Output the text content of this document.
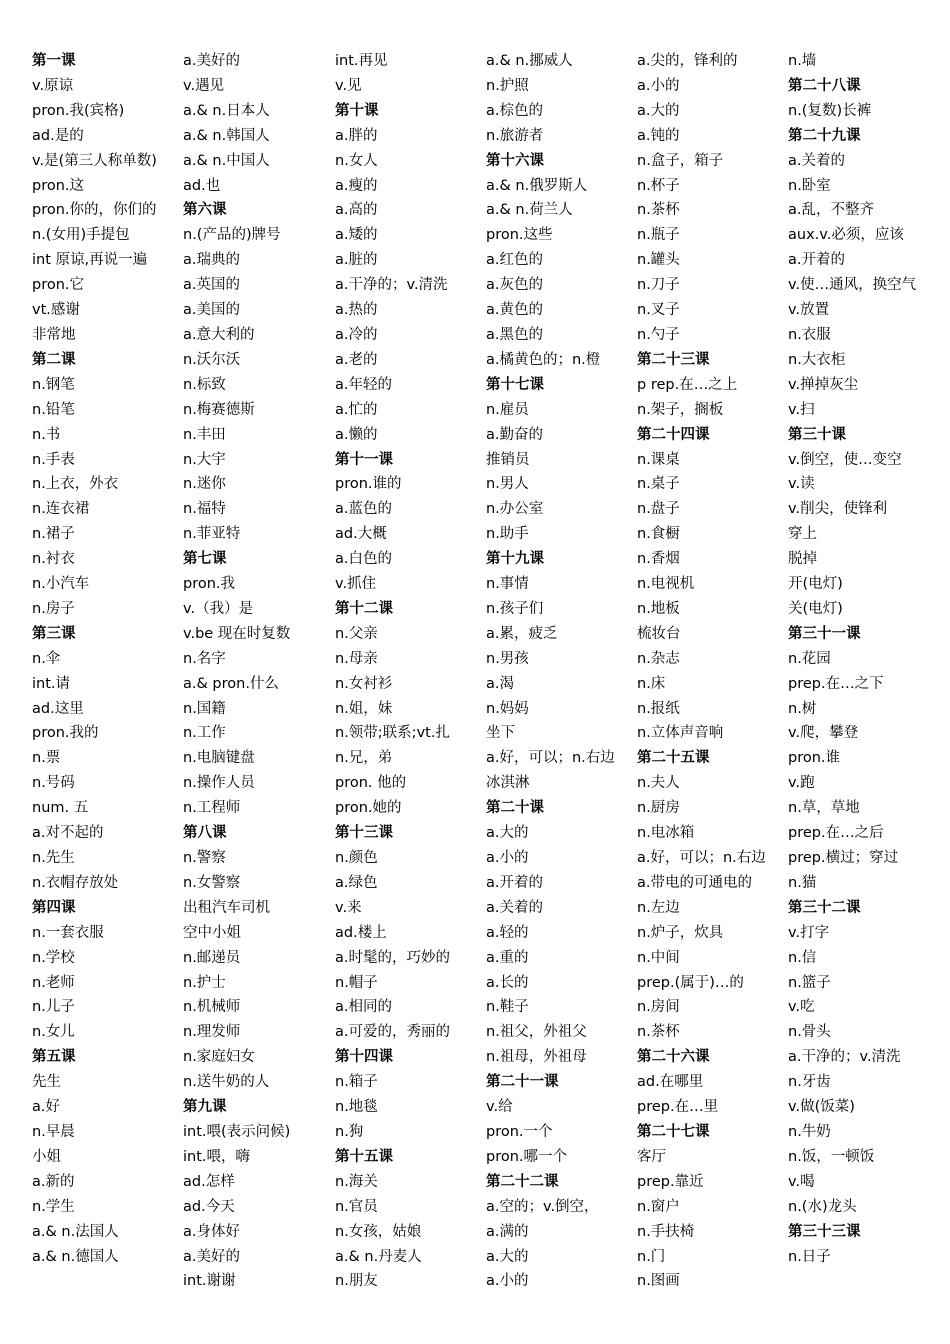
第一课
v.原谅
pron.我(宾格)
ad.是的
v.是(第三人称单数)
pron.这
pron.你的，你们的
n.(女用)手提包
int 原谅,再说一遍
pron.它
vt.感谢
非常地
第二课
n.钢笔
n.铅笔
n.书
n.手表
n.上衣，外衣
n.连衣裙
n.裙子
n.衬衣
n.小汽车
n.房子
第三课
n.伞
int.请
ad.这里
pron.我的
n.票
n.号码
num. 五
a.对不起的
n.先生
n.衣帽存放处
第四课
n.一套衣服
n.学校
n.老师
n.儿子
n.女儿
第五课
先生
a.好
n.早晨
小姐
a.新的
n.学生
a.& n.法国人
a.& n.德国人
a.美好的
v.遇见
a.& n.日本人
a.& n.韩国人
a.& n.中国人
ad.也
第六课
n.(产品的)牌号
a.瑞典的
a.英国的
a.美国的
a.意大利的
n.沃尔沃
n.标致
n.梅赛德斯
n.丰田
n.大宇
n.迷你
n.福特
n.菲亚特
第七课
pron.我
v.（我）是
v.be 现在时复数
n.名字
a.& pron.什么
n.国籍
n.工作
n.电脑键盘
n.操作人员
n.工程师
第八课
n.警察
n.女警察
出租汽车司机
空中小姐
n.邮递员
n.护士
n.机械师
n.理发师
n.家庭妇女
n.送牛奶的人
第九课
int.喂(表示问候)
int.喂，嗨
ad.怎样
ad.今天
a.身体好
a.美好的
int.谢谢
int.再见
v.见
第十课
a.胖的
n.女人
a.瘦的
a.高的
a.矮的
a.脏的
a.干净的；v.清洗
a.热的
a.冷的
a.老的
a.年轻的
a.忙的
a.懒的
第十一课
pron.谁的
a.蓝色的
ad.大概
a.白色的
v.抓住
第十二课
n.父亲
n.母亲
n.女衬衫
n.姐，妹
n.领带;联系;vt.扎
n.兄，弟
pron. 他的
pron.她的
第十三课
n.颜色
a.绿色
v.来
ad.楼上
a.时髦的，巧妙的
n.帽子
a.相同的
a.可爱的，秀丽的
第十四课
n.箱子
n.地毯
n.狗
第十五课
n.海关
n.官员
n.女孩，姑娘
a.& n.丹麦人
n.朋友
a.& n.挪威人
n.护照
a.棕色的
n.旅游者
第十六课
a.& n.俄罗斯人
a.& n.荷兰人
pron.这些
a.红色的
a.灰色的
a.黄色的
a.黑色的
a.橘黄色的；n.橙
第十七课
n.雇员
a.勤奋的
推销员
n.男人
n.办公室
n.助手
第十九课
n.事情
n.孩子们
a.累，疲乏
n.男孩
a.渴
n.妈妈
坐下
a.好，可以；n.右边
冰淇淋
第二十课
a.大的
a.小的
a.开着的
a.关着的
a.轻的
a.重的
a.长的
n.鞋子
n.祖父，外祖父
n.祖母，外祖母
第二十一课
v.给
pron.一个
pron.哪一个
第二十二课
a.空的；v.倒空，
a.满的
a.大的
a.小的
a.尖的，锋利的
a.小的
a.大的
a.钝的
n.盒子，箱子
n.杯子
n.茶杯
n.瓶子
n.罐头
n.刀子
n.叉子
n.勺子
第二十三课
p rep.在…之上
n.架子，搁板
第二十四课
n.课桌
n.桌子
n.盘子
n.食橱
n.香烟
n.电视机
n.地板
梳妆台
n.杂志
n.床
n.报纸
n.立体声音响
第二十五课
n.夫人
n.厨房
n.电冰箱
a.好，可以；n.右边
a.带电的可通电的
n.左边
n.炉子，炊具
n.中间
prep.(属于)…的
n.房间
n.茶杯
第二十六课
ad.在哪里
prep.在…里
第二十七课
客厅
prep.靠近
n.窗户
n.手扶椅
n.门
n.图画
n.墙
第二十八课
n.(复数)长裤
第二十九课
a.关着的
n.卧室
a.乱，不整齐
aux.v.必须，应该
a.开着的
v.使…通风，换空气
v.放置
n.衣服
n.大衣柜
v.掸掉灰尘
v.扫
第三十课
v.倒空，使…变空
v.读
v.削尖，使锋利
穿上
脱掉
开(电灯)
关(电灯)
第三十一课
n.花园
prep.在…之下
n.树
v.爬，攀登
pron.谁
v.跑
n.草，草地
prep.在…之后
prep.横过；穿过
n.猫
第三十二课
v.打字
n.信
n.篮子
v.吃
n.骨头
a.干净的；v.清洗
n.牙齿
v.做(饭菜)
n.牛奶
n.饭，一顿饭
v.喝
n.(水)龙头
第三十三课
n.日子
